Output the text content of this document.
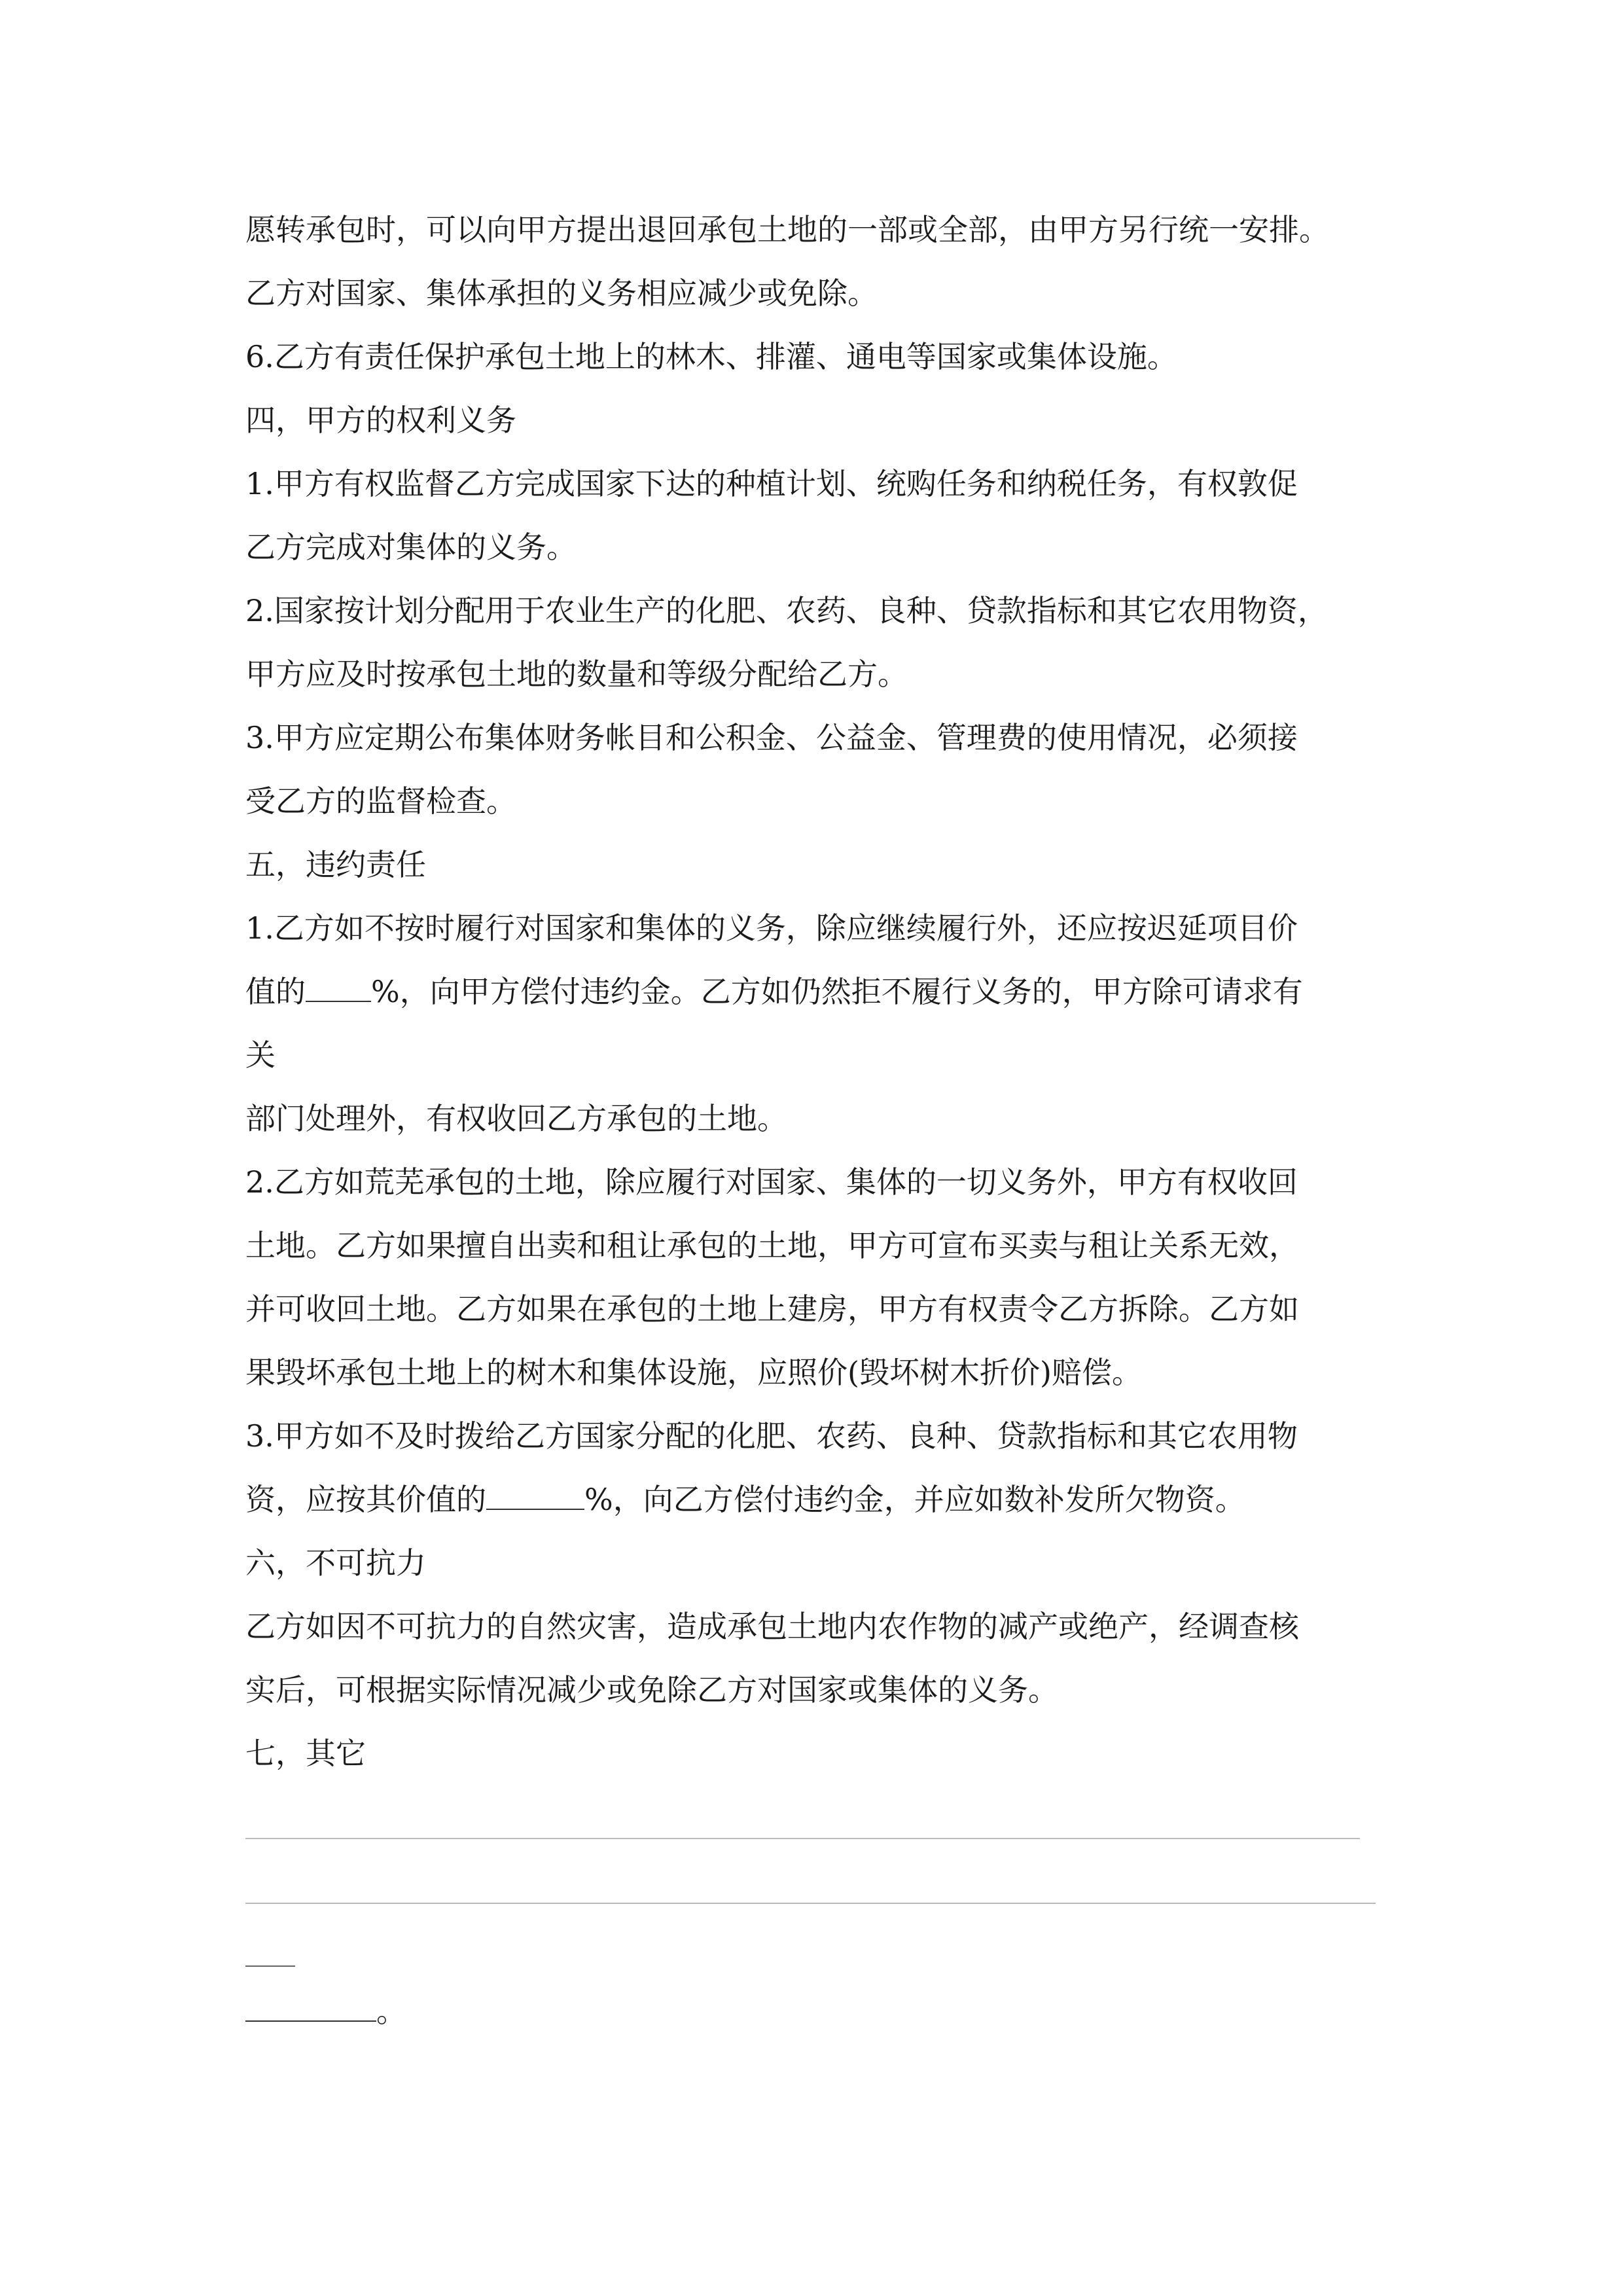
愿转承包时，可以向甲方提出退回承包土地的一部或全部，由甲方另行统一安排。
乙方对国家、集体承担的义务相应减少或免除。
6.乙方有责任保护承包土地上的林木、排灌、通电等国家或集体设施。
四，甲方的权利义务
1.甲方有权监督乙方完成国家下达的种植计划、统购任务和纳税任务，有权敦促
乙方完成对集体的义务。
2.国家按计划分配用于农业生产的化肥、农药、良种、贷款指标和其它农用物资，
甲方应及时按承包土地的数量和等级分配给乙方。
3.甲方应定期公布集体财务帐目和公积金、公益金、管理费的使用情况，必须接
受乙方的监督检查。
五，违约责任
1.乙方如不按时履行对国家和集体的义务，除应继续履行外，还应按迟延项目价
值的 %，向甲方偿付违约金。乙方如仍然拒不履行义务的，甲方除可请求有
关
部门处理外，有权收回乙方承包的土地。
2.乙方如荒芜承包的土地，除应履行对国家、集体的一切义务外，甲方有权收回
土地。乙方如果擅自出卖和租让承包的土地，甲方可宣布买卖与租让关系无效，
并可收回土地。乙方如果在承包的土地上建房，甲方有权责令乙方拆除。乙方如
果毁坏承包土地上的树木和集体设施，应照价(毁坏树木折价)赔偿。
3.甲方如不及时拨给乙方国家分配的化肥、农药、良种、贷款指标和其它农用物
资，应按其价值的	%，向乙方偿付违约金，并应如数补发所欠物资。
六，不可抗力
乙方如因不可抗力的自然灾害，造成承包土地内农作物的减产或绝产，经调查核
实后，可根据实际情况减少或免除乙方对国家或集体的义务。
七，其它
。
